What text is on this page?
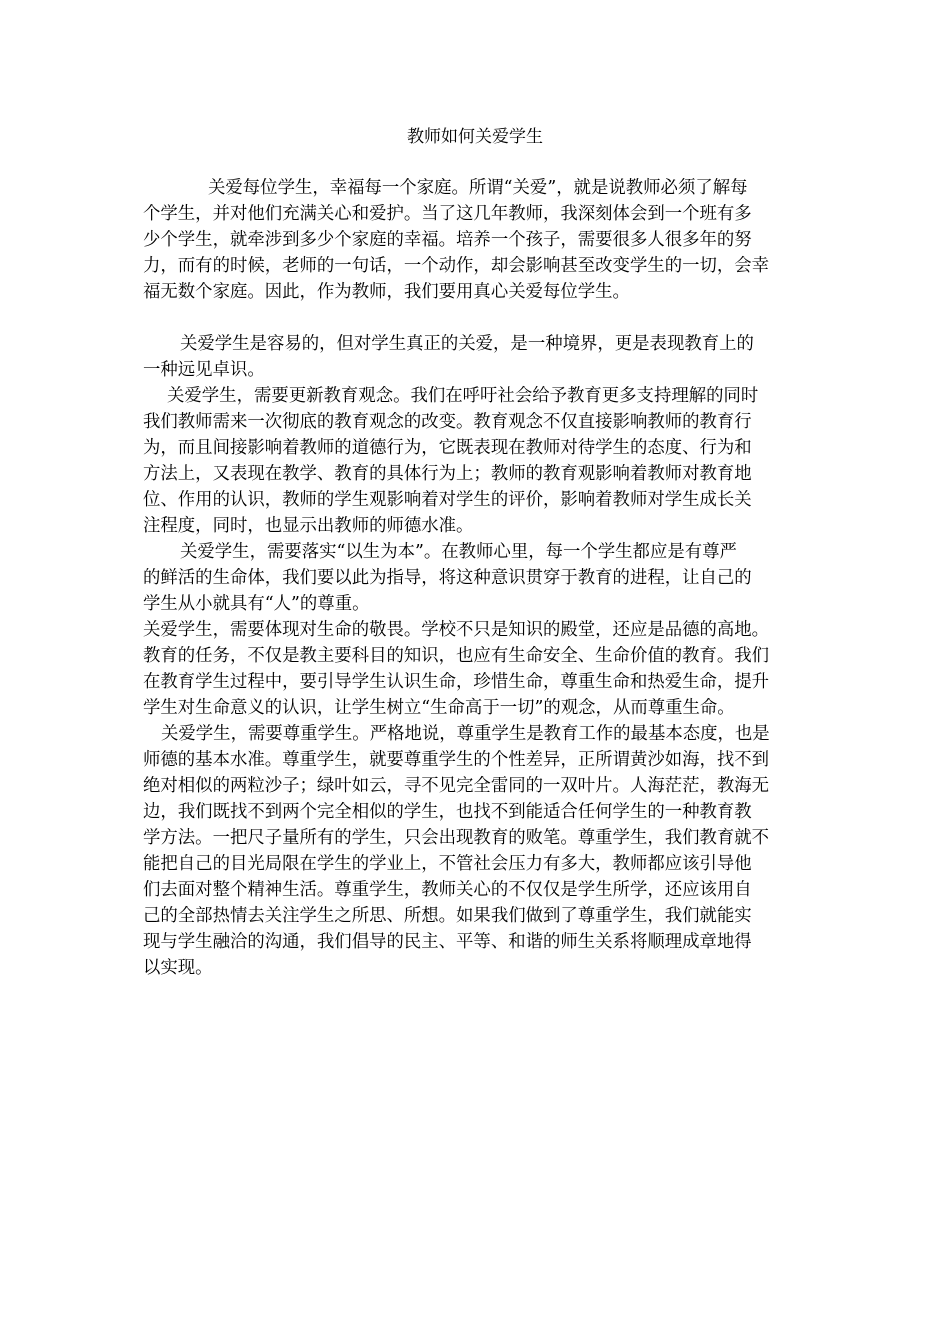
教师如何关爱学生
关爱每位学生，幸福每一个家庭。所谓“关爱”，就是说教师必须了解每
个学生，并对他们充满关心和爱护。当了这几年教师，我深刻体会到一个班有多
少个学生，就牵涉到多少个家庭的幸福。培养一个孩子，需要很多人很多年的努
力，而有的时候，老师的一句话，一个动作，却会影响甚至改变学生的一切，会幸
福无数个家庭。因此，作为教师，我们要用真心关爱每位学生。
关爱学生是容易的，但对学生真正的关爱，是一种境界，更是表现教育上的
一种远见卓识。
关爱学生，需要更新教育观念。我们在呼吁社会给予教育更多支持理解的同时
我们教师需来一次彻底的教育观念的改变。教育观念不仅直接影响教师的教育行
为，而且间接影响着教师的道德行为，它既表现在教师对待学生的态度、行为和
方法上，又表现在教学、教育的具体行为上；教师的教育观影响着教师对教育地
位、作用的认识，教师的学生观影响着对学生的评价，影响着教师对学生成长关
注程度，同时，也显示出教师的师德水准。
关爱学生，需要落实“以生为本”。在教师心里，每一个学生都应是有尊严
的鲜活的生命体，我们要以此为指导，将这种意识贯穿于教育的进程，让自己的
学生从小就具有“人”的尊重。
关爱学生，需要体现对生命的敬畏。学校不只是知识的殿堂，还应是品德的高地。
教育的任务，不仅是教主要科目的知识，也应有生命安全、生命价值的教育。我们
在教育学生过程中，要引导学生认识生命，珍惜生命，尊重生命和热爱生命，提升
学生对生命意义的认识，让学生树立“生命高于一切”的观念，从而尊重生命。
关爱学生，需要尊重学生。严格地说，尊重学生是教育工作的最基本态度，也是
师德的基本水准。尊重学生，就要尊重学生的个性差异，正所谓黄沙如海，找不到
绝对相似的两粒沙子；绿叶如云，寻不见完全雷同的一双叶片。人海茫茫，教海无
边，我们既找不到两个完全相似的学生，也找不到能适合任何学生的一种教育教
学方法。一把尺子量所有的学生，只会出现教育的败笔。尊重学生，我们教育就不
能把自己的目光局限在学生的学业上，不管社会压力有多大，教师都应该引导他
们去面对整个精神生活。尊重学生，教师关心的不仅仅是学生所学，还应该用自
己的全部热情去关注学生之所思、所想。如果我们做到了尊重学生，我们就能实
现与学生融洽的沟通，我们倡导的民主、平等、和谐的师生关系将顺理成章地得
以实现。
